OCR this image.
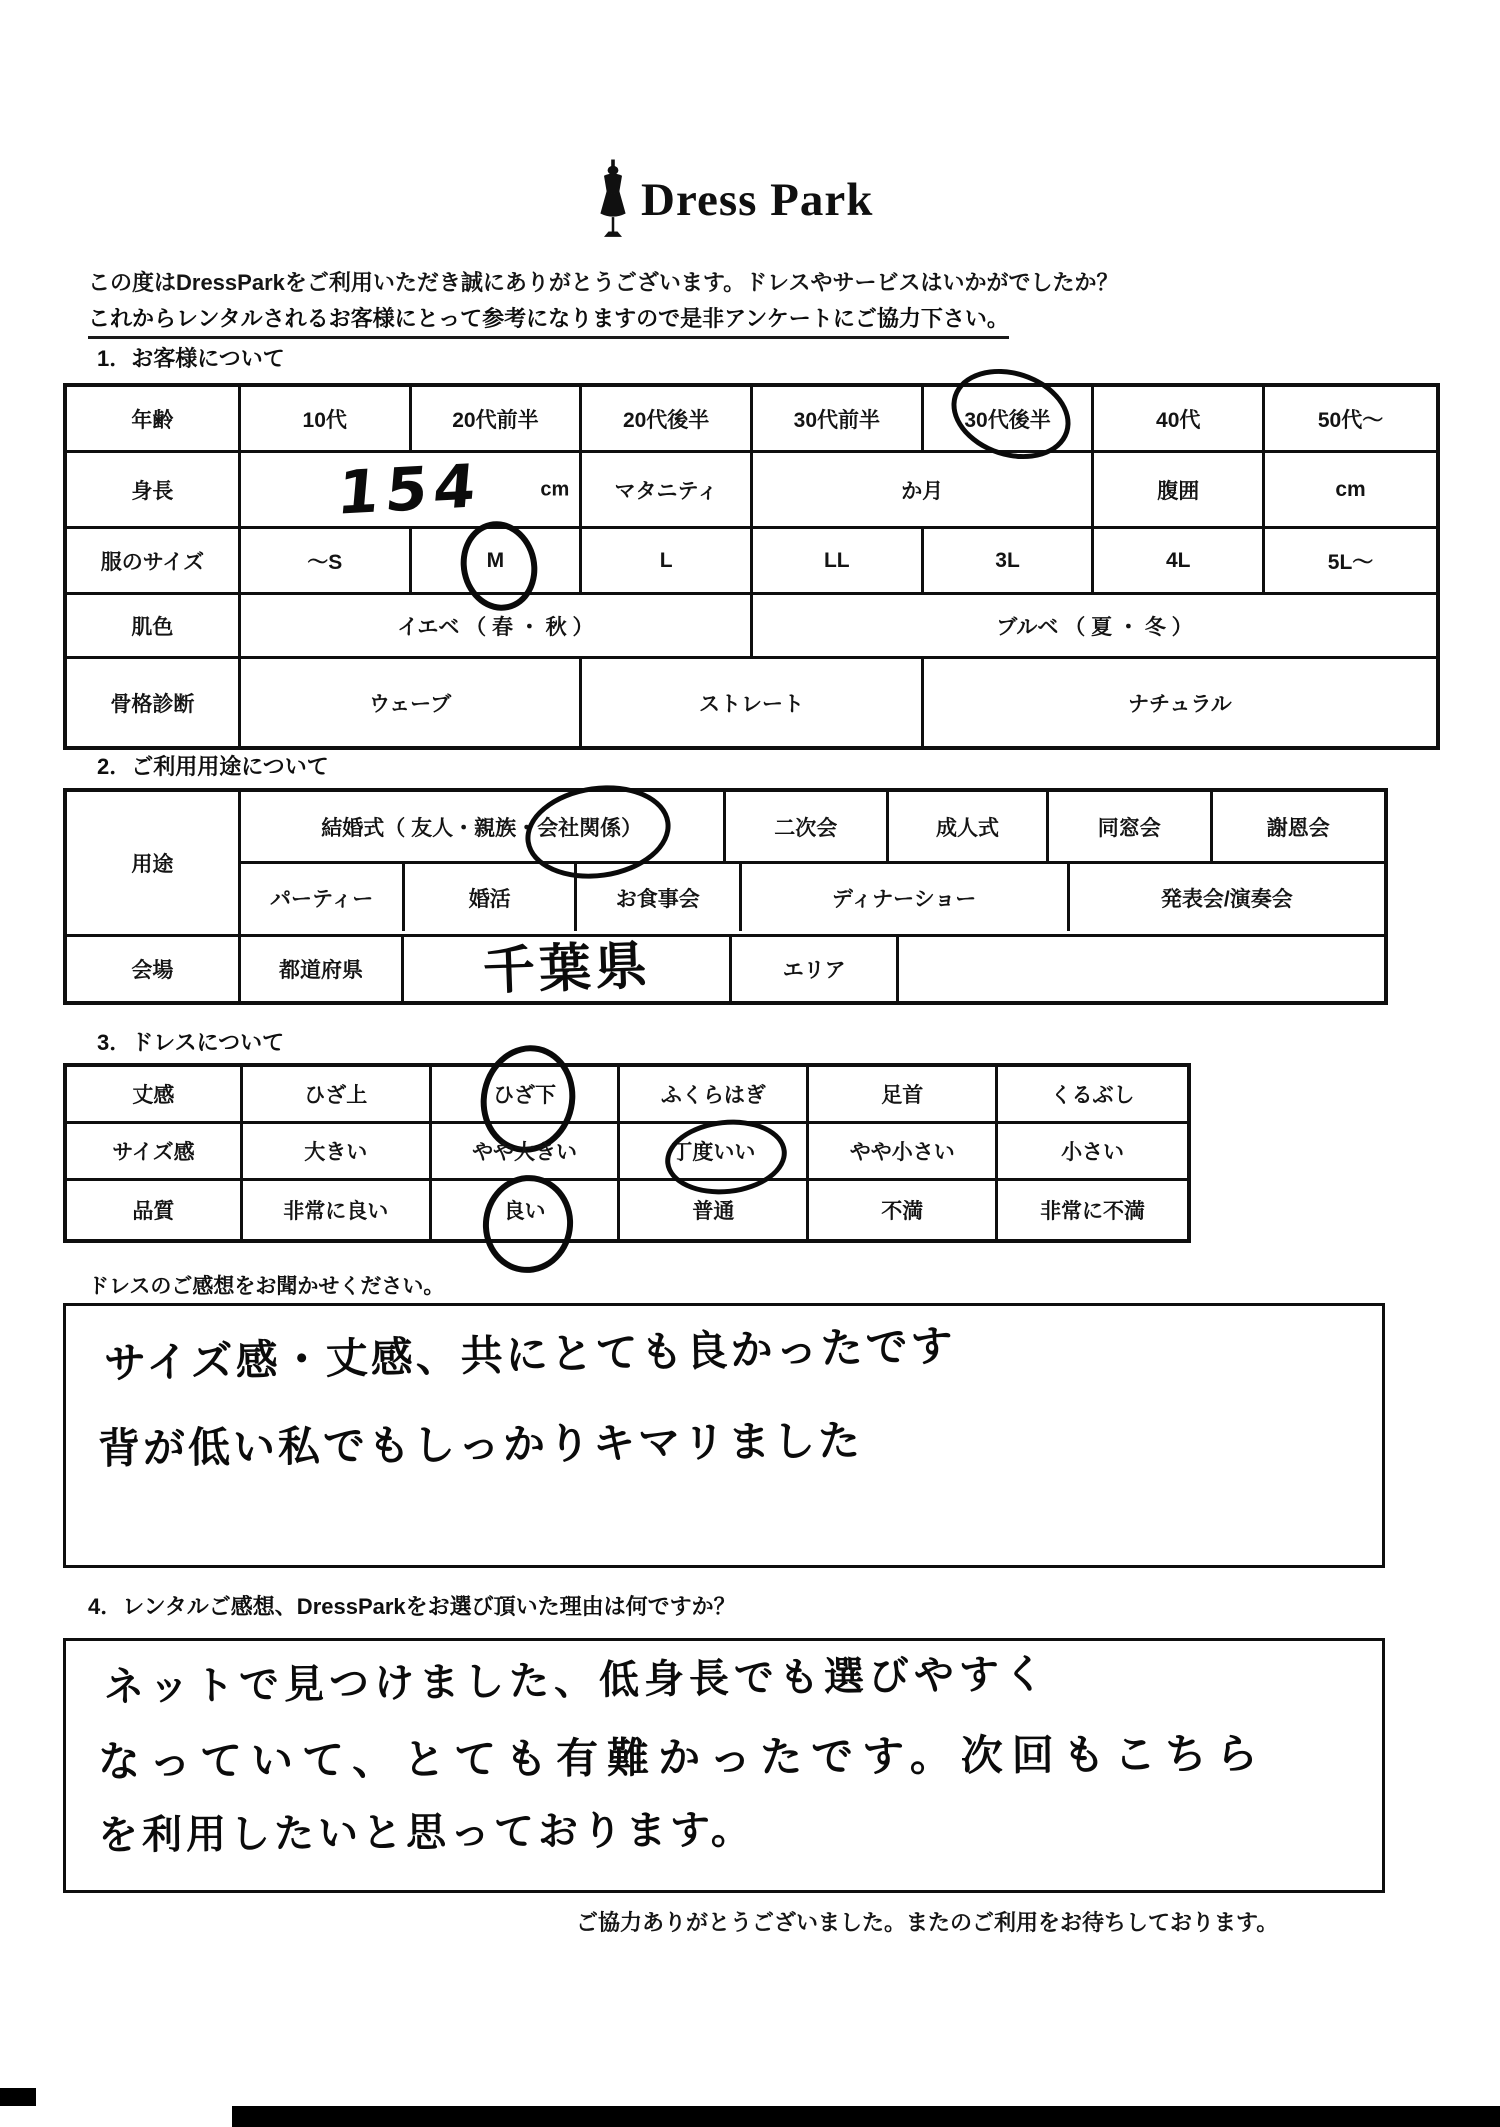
Dress Park
この度はDressParkをご利用いただき誠にありがとうございます。ドレスやサービスはいかがでしたか？
これからレンタルされるお客様にとって参考になりますので是非アンケートにご協力下さい。
1．お客様について
年齢	10代	20代前半	20代後半	30代前半	30代後半	40代	50代～
身長	154	cm	マタニティ	か月	腹囲	cm
服のサイズ	～S	M	L	LL	3L	4L	5L～
肌色	イエベ （ 春 ・ 秋 ）	ブルベ （ 夏 ・ 冬 ）
骨格診断	ウェーブ	ストレート	ナチュラル
2．ご利用用途について
用途
結婚式（ 友人・親族・ 会社関係 ）	二次会	成人式	同窓会	謝恩会
パーティー	婚活	お食事会	ディナーショー	発表会/演奏会
会場	都道府県	千葉県	エリア
3．ドレスについて
丈感	ひざ上	ひざ下	ふくらはぎ	足首	くるぶし
サイズ感	大きい	やや大きい	丁度いい	やや小さい	小さい
品質	非常に良い	良い	普通	不満	非常に不満
ドレスのご感想をお聞かせください。
サイズ感・丈感、共にとても良かったです
背が低い私でもしっかりキマリました
4．レンタルご感想、DressParkをお選び頂いた理由は何ですか？
ネットで見つけました、低身長でも選びやすく
なっていて、とても有難かったです。次回もこちら
を利用したいと思っております。
ご協力ありがとうございました。またのご利用をお待ちしております。
